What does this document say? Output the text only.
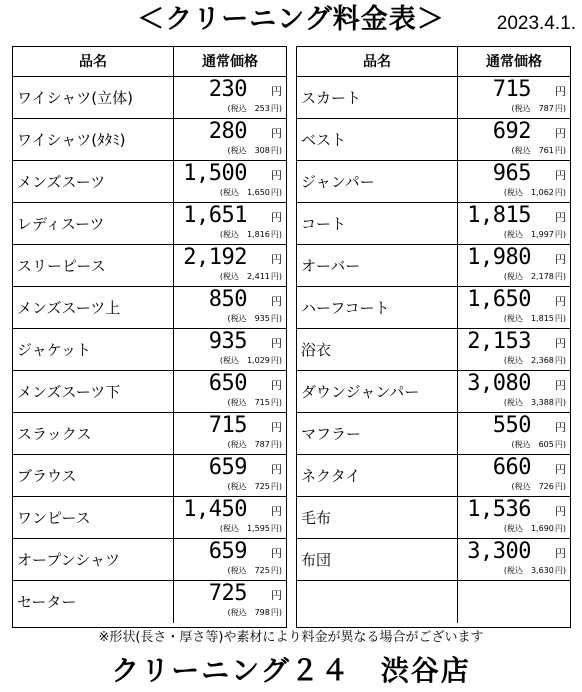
＜クリーニング料金表＞	2023.4.1.
品名	通常価格
ワイシャツ(立体)	230 円
(税込 253 円)
ワイシャツ(ﾀﾀﾐ)	280 円
(税込 308 円)
メンズスーツ	1,500 円
(税込 1,650 円)
レディスーツ	1,651 円
(税込 1,816 円)
スリーピース	2,192 円
(税込 2,411 円)
メンズスーツ上	850 円
(税込 935 円)
ジャケット	935 円
(税込 1,029 円)
メンズスーツ下	650 円
(税込 715 円)
スラックス	715 円
(税込 787 円)
ブラウス	659 円
(税込 725 円)
ワンピース	1,450 円
(税込 1,595 円)
オープンシャツ	659 円
(税込 725 円)
セーター	725 円
(税込 798 円)
品名	通常価格
スカート	715 円
(税込 787 円)
ベスト	692 円
(税込 761 円)
ジャンパー	965 円
(税込 1,062 円)
コート	1,815 円
(税込 1,997 円)
オーバー	1,980 円
(税込 2,178 円)
ハーフコート	1,650 円
(税込 1,815 円)
浴衣	2,153 円
(税込 2,368 円)
ダウンジャンパー	3,080 円
(税込 3,388 円)
マフラー	550 円
(税込 605 円)
ネクタイ	660 円
(税込 726 円)
毛布	1,536 円
(税込 1,690 円)
布団	3,300 円
(税込 3,630 円)
※形状(長さ・厚さ等)や素材により料金が異なる場合がございます
クリーニング２４　渋谷店
